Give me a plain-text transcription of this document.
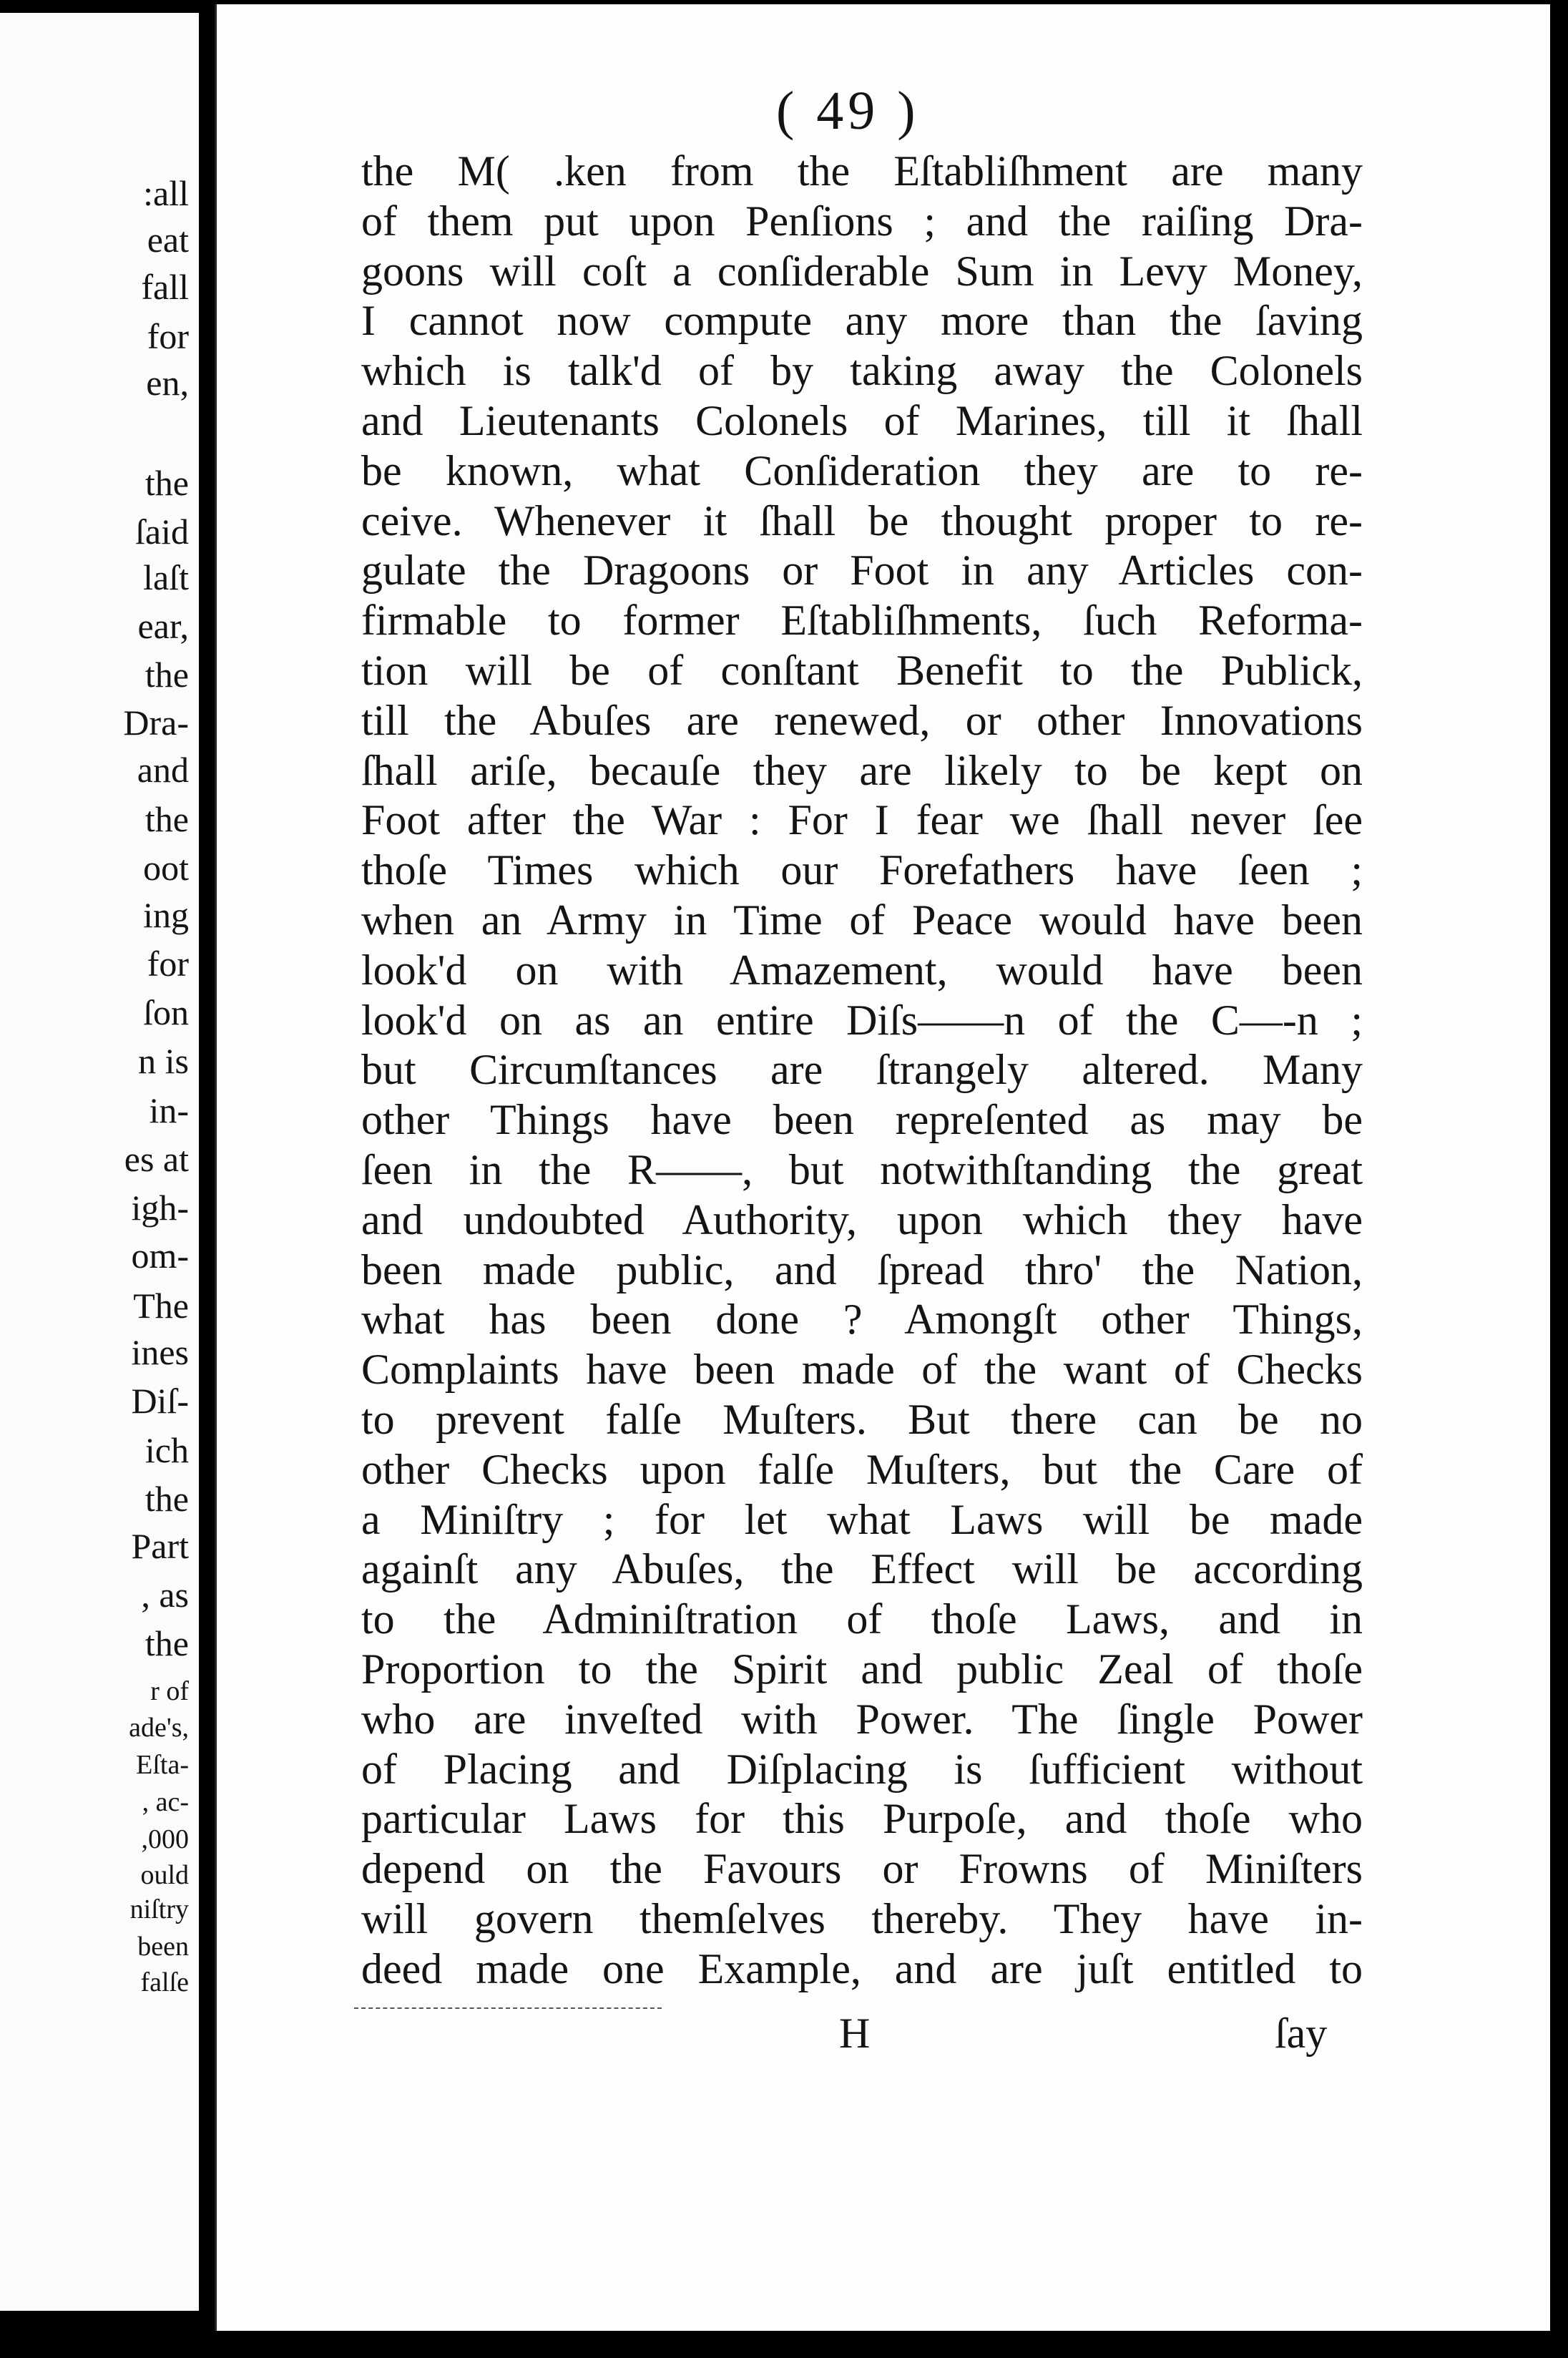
:all
eat
fall
for
en,
the
ſaid
laſt
ear,
the
Dra-
and
the
oot
ing
for
ſon
n is
in-
es at
igh-
om-
The
ines
Diſ-
ich
the
Part
, as
the
r of
ade's,
Eſta-
, ac-
,000
ould
niſtry
been
falſe
( 49 )
the M( .ken from the Eſtabliſhment are many
of them put upon Penſions ; and the raiſing Dra-
goons will coſt a conſiderable Sum in Levy Money,
I cannot now compute any more than the ſaving
which is talk'd of by taking away the Colonels
and Lieutenants Colonels of Marines, till it ſhall
be known, what Conſideration they are to re-
ceive. Whenever it ſhall be thought proper to re-
gulate the Dragoons or Foot in any Articles con-
firmable to former Eſtabliſhments, ſuch Reforma-
tion will be of conſtant Benefit to the Publick,
till the Abuſes are renewed, or other Innovations
ſhall ariſe, becauſe they are likely to be kept on
Foot after the War : For I fear we ſhall never ſee
thoſe Times which our Forefathers have ſeen ;
when an Army in Time of Peace would have been
look'd on with Amazement, would have been
look'd on as an entire Diſs——n of the C—-n ;
but Circumſtances are ſtrangely altered. Many
other Things have been repreſented as may be
ſeen in the R——, but notwithſtanding the great
and undoubted Authority, upon which they have
been made public, and ſpread thro' the Nation,
what has been done ? Amongſt other Things,
Complaints have been made of the want of Checks
to prevent falſe Muſters. But there can be no
other Checks upon falſe Muſters, but the Care of
a Miniſtry ; for let what Laws will be made
againſt any Abuſes, the Effect will be according
to the Adminiſtration of thoſe Laws, and in
Proportion to the Spirit and public Zeal of thoſe
who are inveſted with Power. The ſingle Power
of Placing and Diſplacing is ſufficient without
particular Laws for this Purpoſe, and thoſe who
depend on the Favours or Frowns of Miniſters
will govern themſelves thereby. They have in-
deed made one Example, and are juſt entitled to
H	ſay
